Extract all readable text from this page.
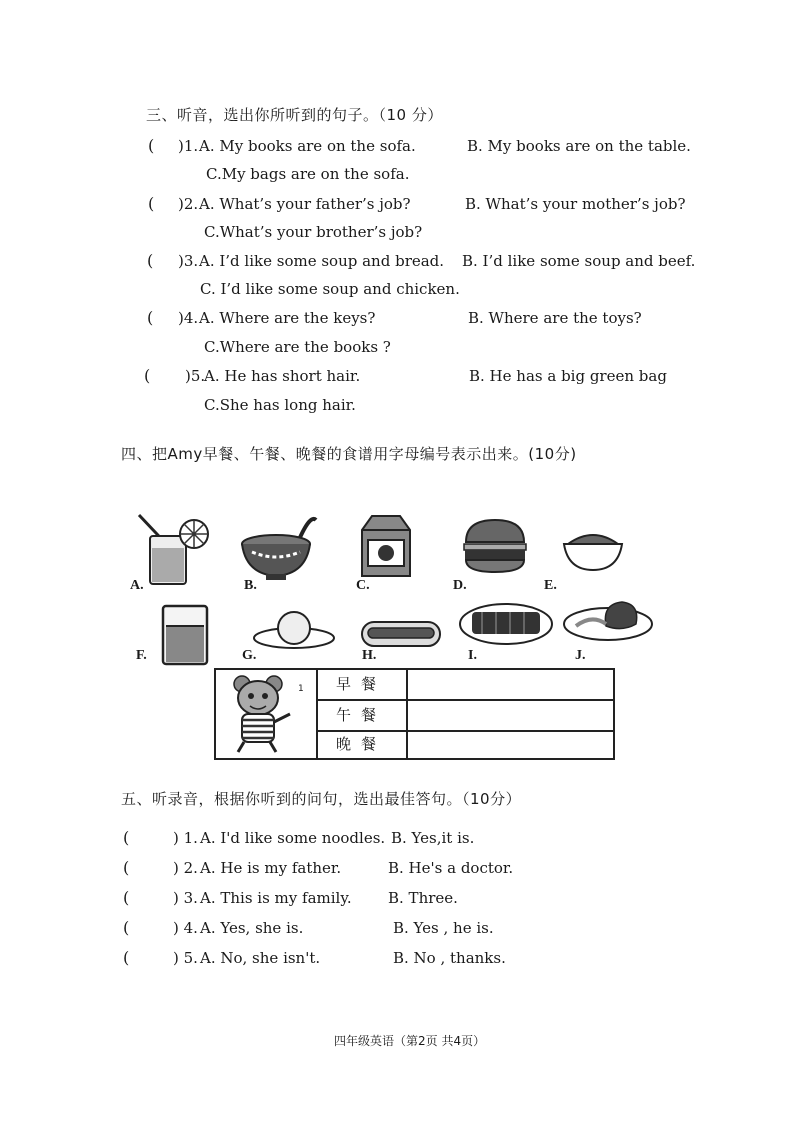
三、听音，选出你所听到的句子。（10 分）
( )1. A. My books are on the sofa.	B. My books are on the table.
C.My bags are on the sofa.
( )2. A. What’s your father’s job?	B. What’s your mother’s job?
C.What’s your brother’s job?
( )3. A. I’d like some soup and bread. B. I’d like some soup and beef.
C. I’d like some soup and chicken.
( )4. A. Where are the keys?	B. Where are the toys?
C.Where are the books ?
( )5.
A. He has short hair.	B. He has a big green bag
C.She has long hair.
四、把Amy早餐、午餐、晚餐的食谱用字母编号表示出来。(10分)
A.	B.	C.	D.	E.
F.	G.	H.	I.	J.
1	早餐
午餐
晚餐
五、听录音，根据你听到的问句，选出最佳答句。（10分）
(	) 1. A. I'd like some noodles. B. Yes,it is.
(	) 2. A. He is my father.	B. He's a doctor.
(	) 3. A. This is my family. B. Three.
(	) 4. A. Yes, she is.	B. Yes , he is.
(	) 5. A. No, she isn't.	B. No , thanks.
四年级英语（第2页 共4页）
